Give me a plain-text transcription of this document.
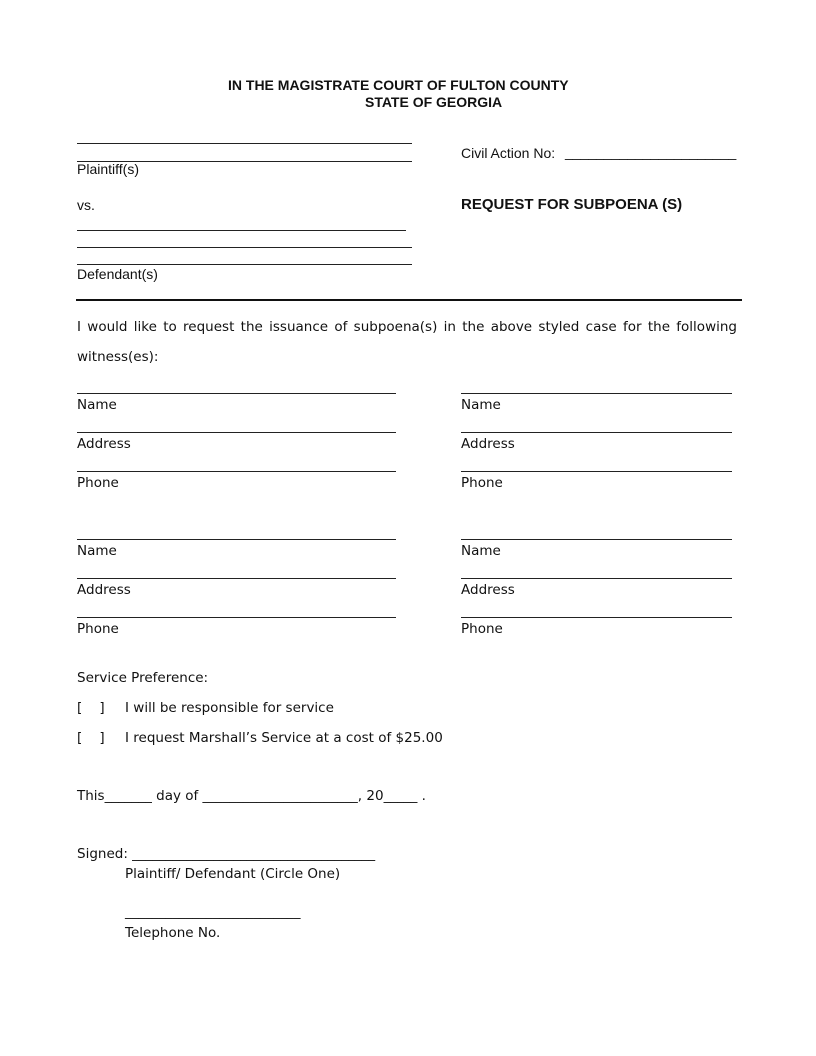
IN THE MAGISTRATE COURT OF FULTON COUNTY
STATE OF GEORGIA
Plaintiff(s)
Civil Action No: ______________________
vs.	REQUEST FOR SUBPOENA (S)
Defendant(s)
I would like to request the issuance of subpoena(s) in the above styled case for the following witness(es):
Name
Address
Phone
Name
Address
Phone
Name
Address
Phone
Name
Address
Phone
Service Preference:
[    ] I will be responsible for service
[    ] I request Marshall’s Service at a cost of $25.00
This_______ day of _______________________, 20_____ .
Signed: ____________________________________
Plaintiff/ Defendant (Circle One)
__________________________
Telephone No.
